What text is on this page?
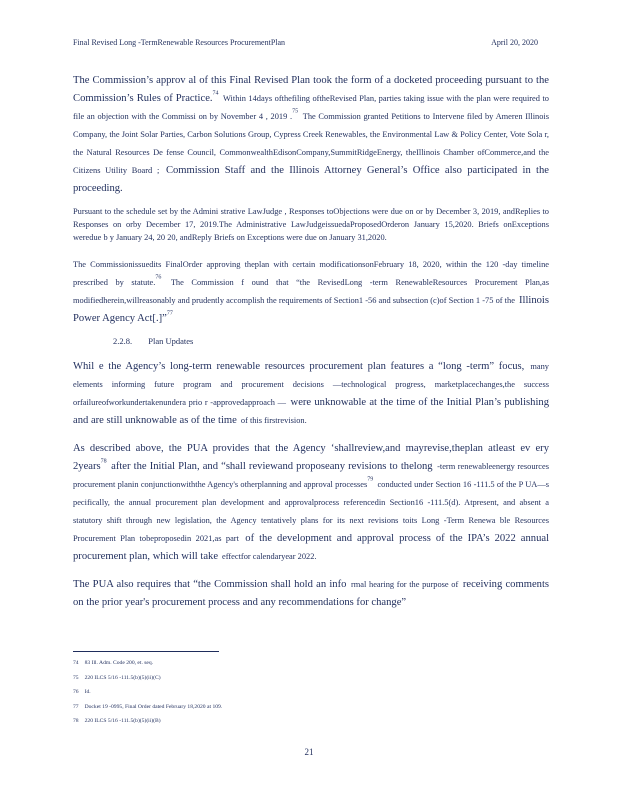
Final Revised Long -TermRenewable Resources ProcurementPlan	April 20, 2020

The Commission’s approv al of this Final Revised Plan took the form of a docketed proceeding pursuant to the Commission’s Rules of Practice.$^{74}$ Within 14days ofthefiling oftheRevised Plan, parties taking issue with the plan were required to file an objection with the Commissi on by November 4 , 2019 .$^{75}$ The Commission granted Petitions to Intervene filed by Ameren Illinois Company, the Joint Solar Parties, Carbon Solutions Group, Cypress Creek Renewables, the Environmental Law & Policy Center, Vote Sola r, the Natural Resources De fense Council, CommonwealthEdisonCompany,SummitRidgeEnergy, theIllinois Chamber ofCommerce,and the Citizens Utility Board ; Commission Staff and the Illinois Attorney General’s Office also participated in the proceeding.

Pursuant to the schedule set by the Admini strative LawJudge , Responses toObjections were due on or by December 3, 2019, andReplies to Responses on orby December 17, 2019.The Administrative LawJudgeissuedaProposedOrderon January 15,2020. Briefs onExceptions weredue b y January 24, 20 20, andReply Briefs on Exceptions were due on January 31,2020.

The Commissionissuedits FinalOrder approving theplan with certain modificationsonFebruary 18, 2020, within the 120 -day timeline prescribed by statute.$^{76}$ The Commission f ound that “the RevisedLong -term RenewableResources Procurement Plan,as modifiedherein,willreasonably and prudently accomplish the requirements of Section1 -56 and subsection (c)of Section 1 -75 of the Illinois Power Agency Act[.]”$^{77}$

2.2.8. Plan Updates

Whil e the Agency’s long-term renewable resources procurement plan features a “long -term” focus, many elements informing future program and procurement decisions —technological progress, marketplacechanges,the success orfailureofworkundertakenundera prio r -approvedapproach — were unknowable at the time of the Initial Plan’s publishing and are still unknowable as of the time of this firstrevision.

As described above, the PUA provides that the Agency ‘shallreview,and mayrevise,theplan atleast ev ery 2years$^{78}$ after the Initial Plan, and “shall reviewand proposeany revisions to thelong -term renewableenergy resources procurement planin conjunctionwiththe Agency's otherplanning and approval processes$^{79}$ conducted under Section 16 -111.5 of the P UA—s pecifically, the annual procurement plan development and approvalprocess referencedin Section16 -111.5(d). Atpresent, and absent a statutory shift through new legislation, the Agency tentatively plans for its next revisions toits Long -Term Renewa ble Resources Procurement Plan tobeproposedin 2021,as part of the development and approval process of the IPA’s 2022 annual procurement plan, which will take effectfor calendaryear 2022.

The PUA also requires that “the Commission shall hold an info rmal hearing for the purpose of receiving comments on the prior year's procurement process and any recommendations for change”

74 83 Ill. Adm. Code 200, et. seq.
75 220 ILCS 5/16 -111.5(b)(5)(ii)(C)
76 Id.
77 Docket 19 -0995, Final Order dated February 18,2020 at 109.
78 220 ILCS 5/16 -111.5(b)(5)(ii)(B)
21
